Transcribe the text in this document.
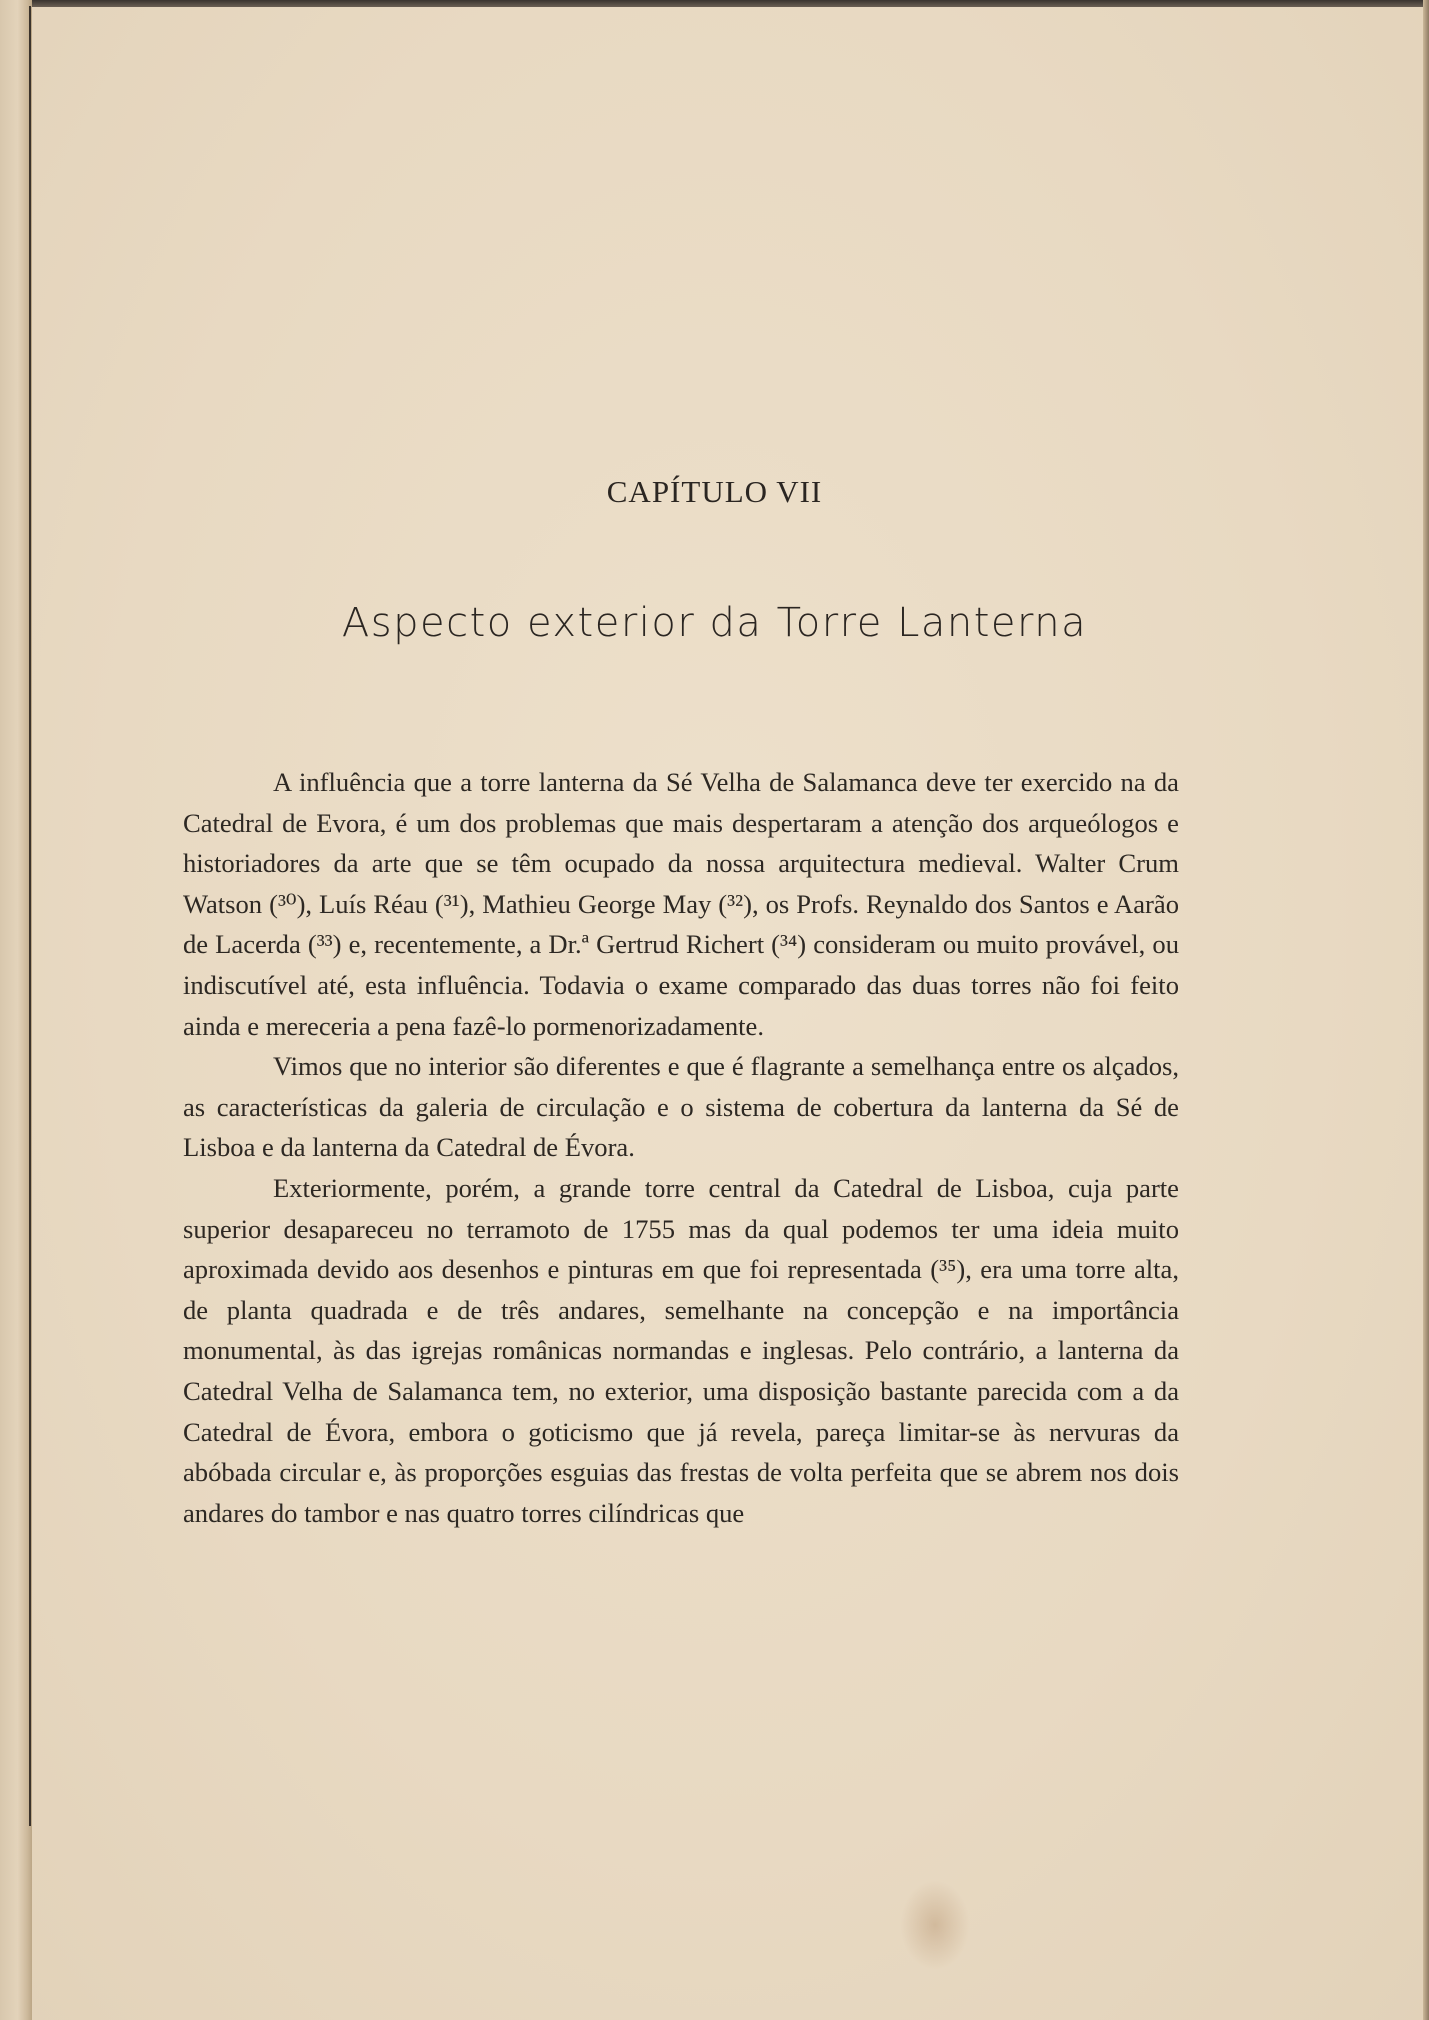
CAPÍTULO VII
Aspecto exterior da Torre Lanterna

A influência que a torre lanterna da Sé Velha de Salamanca deve ter exercido na da Catedral de Evora, é um dos problemas que mais despertaram a atenção dos arqueólogos e historiadores da arte que se têm ocupado da nossa arquitectura medieval. Walter Crum Watson (³⁰), Luís Réau (³¹), Mathieu George May (³²), os Profs. Reynaldo dos Santos e Aarão de Lacerda (³³) e, recentemente, a Dr.ª Gertrud Richert (³⁴) consideram ou muito provável, ou indiscutível até, esta influência. Todavia o exame comparado das duas torres não foi feito ainda e mereceria a pena fazê-lo pormenorizadamente.

Vimos que no interior são diferentes e que é flagrante a semelhança entre os alçados, as características da galeria de circulação e o sistema de cobertura da lanterna da Sé de Lisboa e da lanterna da Catedral de Évora.

Exteriormente, porém, a grande torre central da Catedral de Lisboa, cuja parte superior desapareceu no terramoto de 1755 mas da qual podemos ter uma ideia muito aproximada devido aos desenhos e pinturas em que foi representada (³⁵), era uma torre alta, de planta quadrada e de três andares, semelhante na concepção e na importância monumental, às das igrejas românicas normandas e inglesas. Pelo contrário, a lanterna da Catedral Velha de Salamanca tem, no exterior, uma disposição bastante parecida com a da Catedral de Évora, embora o goticismo que já revela, pareça limitar-se às nervuras da abóbada circular e, às proporções esguias das frestas de volta perfeita que se abrem nos dois andares do tambor e nas quatro torres cilíndricas que
